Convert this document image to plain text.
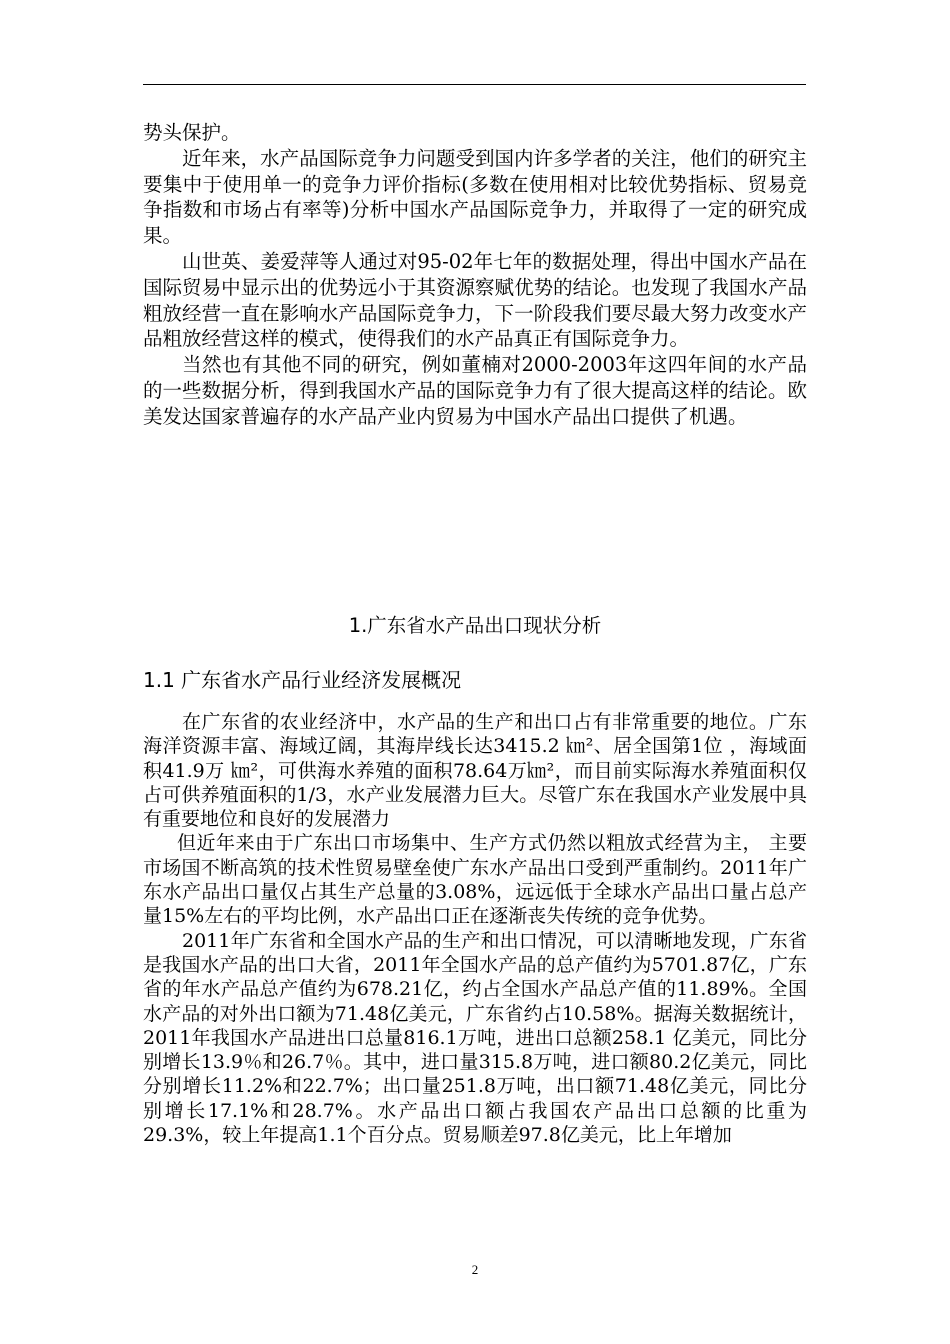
势头保护。

近年来，水产品国际竞争力问题受到国内许多学者的关注，他们的研究主要集中于使用单一的竞争力评价指标(多数在使用相对比较优势指标、贸易竞争指数和市场占有率等)分析中国水产品国际竞争力，并取得了一定的研究成果。

山世英、姜爱萍等人通过对95-02年七年的数据处理，得出中国水产品在国际贸易中显示出的优势远小于其资源察赋优势的结论。也发现了我国水产品粗放经营一直在影响水产品国际竞争力，下一阶段我们要尽最大努力改变水产品粗放经营这样的模式，使得我们的水产品真正有国际竞争力。

当然也有其他不同的研究，例如董楠对2000-2003年这四年间的水产品的一些数据分析，得到我国水产品的国际竞争力有了很大提高这样的结论。欧美发达国家普遍存的水产品产业内贸易为中国水产品出口提供了机遇。

1.广东省水产品出口现状分析
1.1 广东省水产品行业经济发展概况

在广东省的农业经济中，水产品的生产和出口占有非常重要的地位。广东海洋资源丰富、海域辽阔，其海岸线长达3415.2 ㎞²、居全国第1位 ，海域面积41.9万 ㎞²，可供海水养殖的面积78.64万㎞²，而目前实际海水养殖面积仅占可供养殖面积的1/3，水产业发展潜力巨大。尽管广东在我国水产业发展中具有重要地位和良好的发展潜力

但近年来由于广东出口市场集中、生产方式仍然以粗放式经营为主， 主要市场国不断高筑的技术性贸易壁垒使广东水产品出口受到严重制约。2011年广东水产品出口量仅占其生产总量的3.08%，远远低于全球水产品出口量占总产量15%左右的平均比例，水产品出口正在逐渐丧失传统的竞争优势。

2011年广东省和全国水产品的生产和出口情况，可以清晰地发现，广东省是我国水产品的出口大省，2011年全国水产品的总产值约为5701.87亿，广东省的年水产品总产值约为678.21亿，约占全国水产品总产值的11.89%。全国水产品的对外出口额为71.48亿美元，广东省约占10.58%。据海关数据统计，2011年我国水产品进出口总量816.1万吨，进出口总额258.1 亿美元，同比分别增长13.9％和26.7％。其中，进口量315.8万吨，进口额80.2亿美元，同比分别增长11.2%和22.7%；出口量251.8万吨，出口额71.48亿美元，同比分别增长17.1%和28.7%。水产品出口额占我国农产品出口总额的比重为29.3%，较上年提高1.1个百分点。贸易顺差97.8亿美元，比上年增加

2
